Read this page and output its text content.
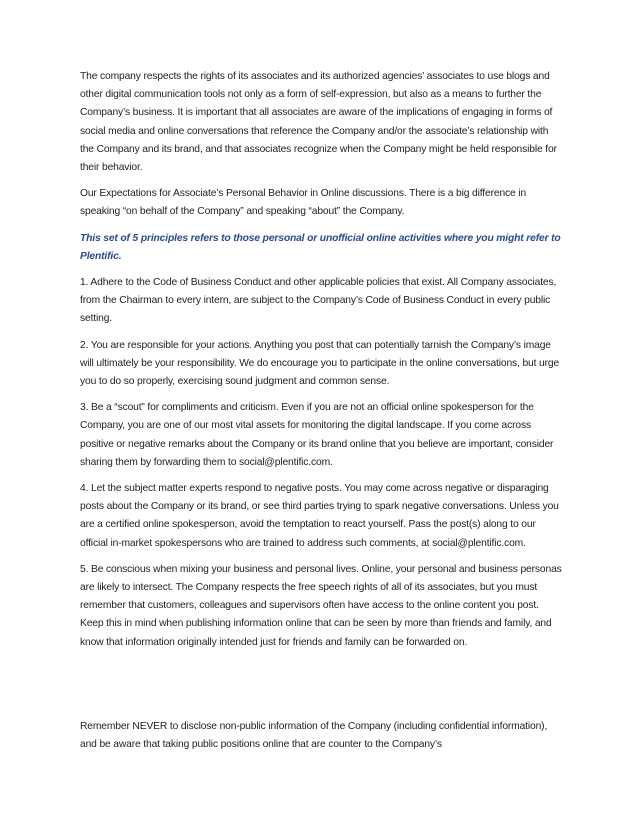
The company respects the rights of its associates and its authorized agencies’ associates to use blogs and other digital communication tools not only as a form of self-expression, but also as a means to further the Company’s business. It is important that all associates are aware of the implications of engaging in forms of social media and online conversations that reference the Company and/or the associate’s relationship with the Company and its brand, and that associates recognize when the Company might be held responsible for their behavior.

Our Expectations for Associate’s Personal Behavior in Online discussions. There is a big difference in speaking “on behalf of the Company” and speaking “about” the Company.

This set of 5 principles refers to those personal or unofficial online activities where you might refer to Plentific.

1. Adhere to the Code of Business Conduct and other applicable policies that exist. All Company associates, from the Chairman to every intern, are subject to the Company’s Code of Business Conduct in every public setting.

2. You are responsible for your actions. Anything you post that can potentially tarnish the Company’s image will ultimately be your responsibility. We do encourage you to participate in the online conversations, but urge you to do so properly, exercising sound judgment and common sense.

3. Be a “scout” for compliments and criticism. Even if you are not an official online spokesperson for the Company, you are one of our most vital assets for monitoring the digital landscape. If you come across positive or negative remarks about the Company or its brand online that you believe are important, consider sharing them by forwarding them to social@plentific.com.

4. Let the subject matter experts respond to negative posts. You may come across negative or disparaging posts about the Company or its brand, or see third parties trying to spark negative conversations. Unless you are a certified online spokesperson, avoid the temptation to react yourself. Pass the post(s) along to our official in-market spokespersons who are trained to address such comments, at social@plentific.com.

5. Be conscious when mixing your business and personal lives. Online, your personal and business personas are likely to intersect. The Company respects the free speech rights of all of its associates, but you must remember that customers, colleagues and supervisors often have access to the online content you post. Keep this in mind when publishing information online that can be seen by more than friends and family, and know that information originally intended just for friends and family can be forwarded on.

Remember NEVER to disclose non-public information of the Company (including confidential information), and be aware that taking public positions online that are counter to the Company’s
